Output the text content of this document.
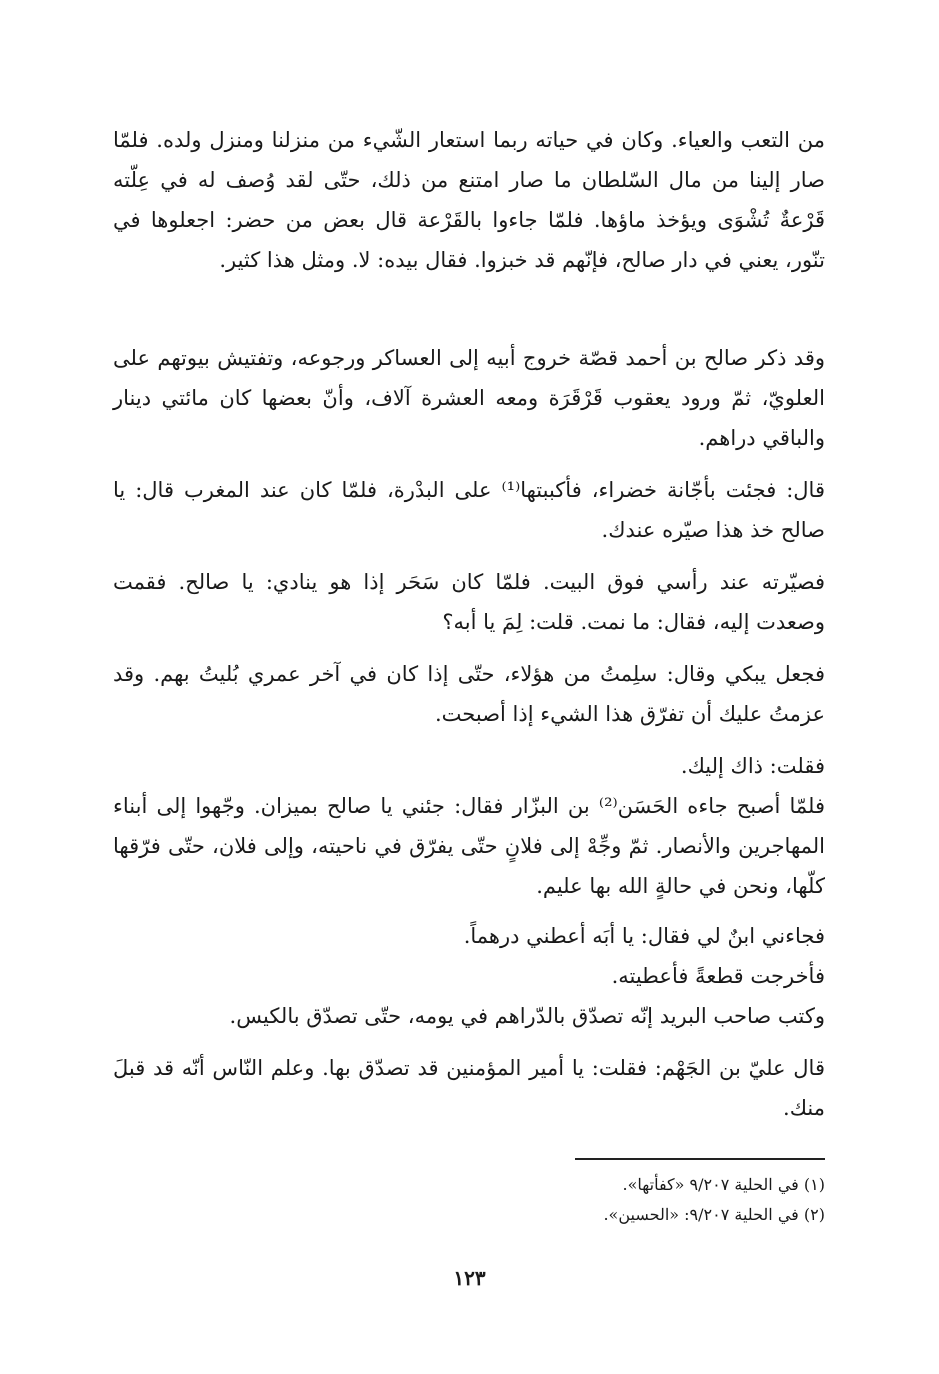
من التعب والعياء. وكان في حياته ربما استعار الشّيء من منزلنا ومنزل ولده. فلمّا صار إلينا من مال السّلطان ما صار امتنع من ذلك، حتّى لقد وُصف له في عِلّته قَرْعةٌ تُشْوَى ويؤخذ ماؤها. فلمّا جاءوا بالقَرْعة قال بعض من حضر: اجعلوها في تنّور، يعني في دار صالح، فإنّهم قد خبزوا. فقال بيده: لا. ومثل هذا كثير.

وقد ذكر صالح بن أحمد قصّة خروج أبيه إلى العساكر ورجوعه، وتفتيش بيوتهم على العلويّ، ثمّ ورود يعقوب قَرْقَرَة ومعه العشرة آلاف، وأنّ بعضها كان مائتي دينار والباقي دراهم.

قال: فجئت بأجّانة خضراء، فأكببتها⁽¹⁾ على البدْرة، فلمّا كان عند المغرب قال: يا صالح خذ هذا صيّره عندك.

فصيّرته عند رأسي فوق البيت. فلمّا كان سَحَر إذا هو ينادي: يا صالح. فقمت وصعدت إليه، فقال: ما نمت. قلت: لِمَ يا أبه؟

فجعل يبكي وقال: سلِمتُ من هؤلاء، حتّى إذا كان في آخر عمري بُليتُ بهم. وقد عزمتُ عليك أن تفرّق هذا الشيء إذا أصبحت.

فقلت: ذاك إليك.

فلمّا أصبح جاءه الحَسَن⁽²⁾ بن البزّار فقال: جئني يا صالح بميزان. وجّهوا إلى أبناء المهاجرين والأنصار. ثمّ وجِّهْ إلى فلانٍ حتّى يفرّق في ناحيته، وإلى فلان، حتّى فرّقها كلّها، ونحن في حالةٍ الله بها عليم.

فجاءني ابنٌ لي فقال: يا أبَه أعطني درهماً.

فأخرجت قطعةً فأعطيته.

وكتب صاحب البريد إنّه تصدّق بالدّراهم في يومه، حتّى تصدّق بالكيس.

قال عليّ بن الجَهْم: فقلت: يا أمير المؤمنين قد تصدّق بها. وعلم النّاس أنّه قد قبلَ منك.

(١) في الحلية ٩/٢٠٧ «كفأتها».
(٢) في الحلية ٩/٢٠٧: «الحسين».
١٢٣
